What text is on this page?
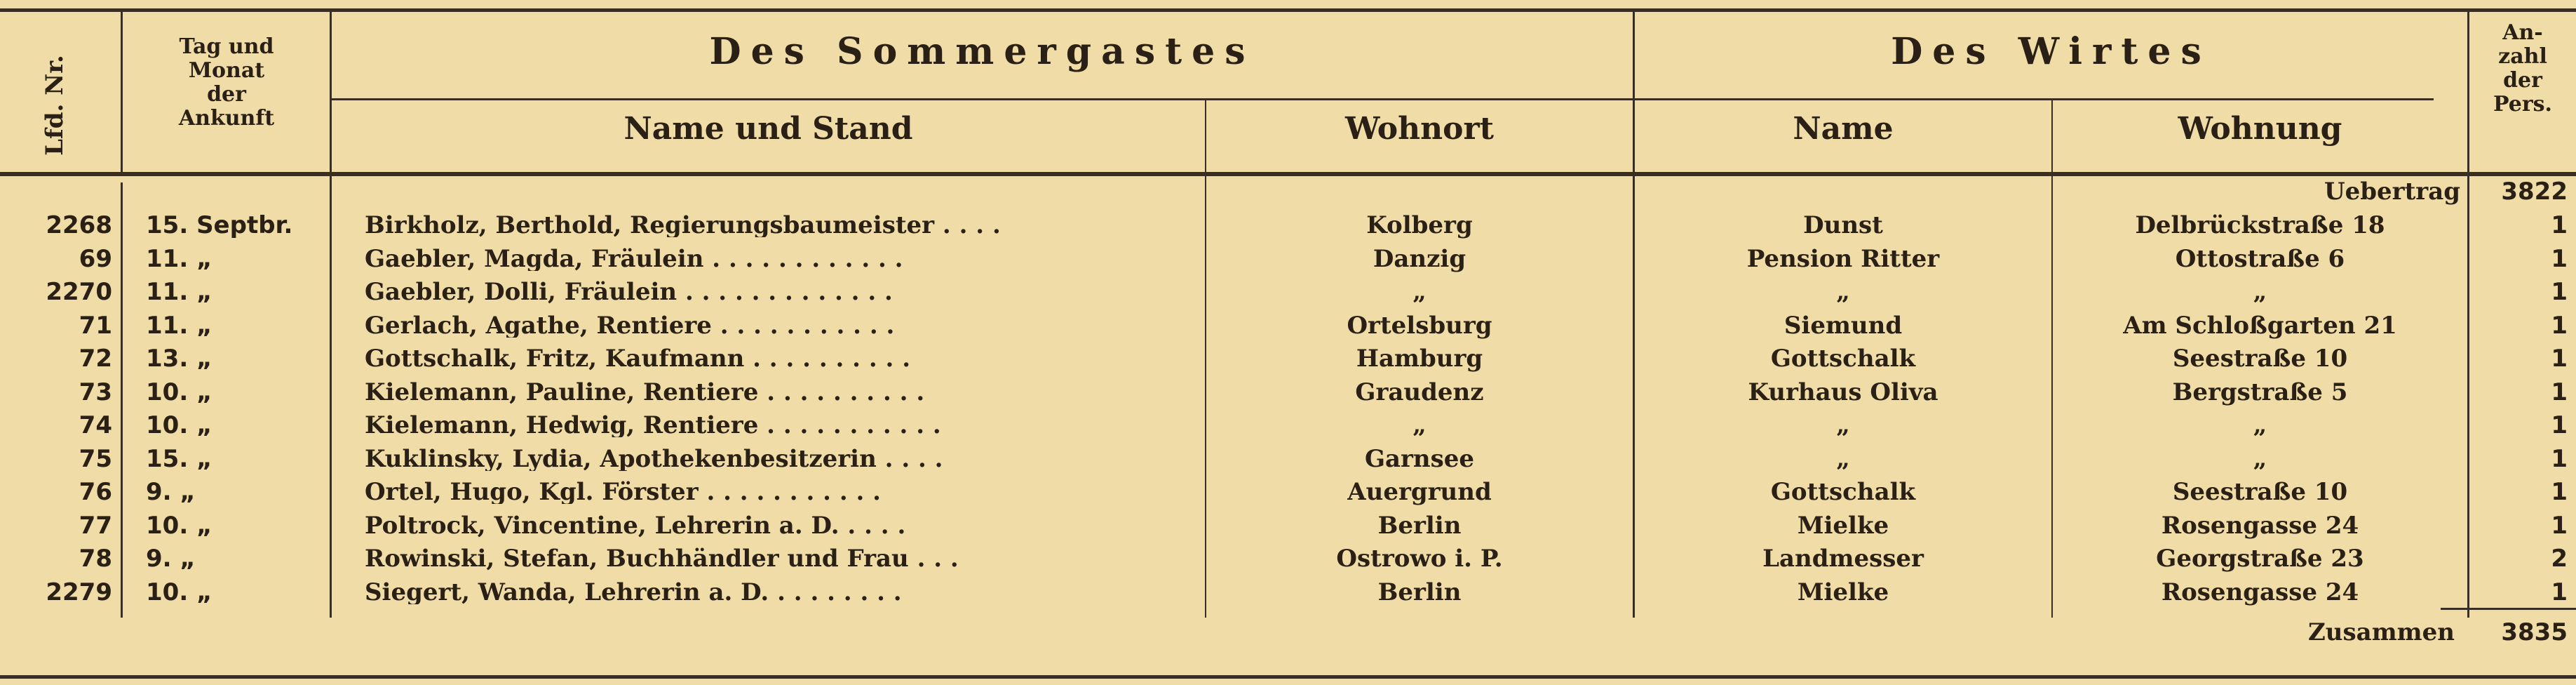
Lfd. Nr.
Tag und
Monat
der
Ankunft
Des Sommergastes
Name und Stand	Wohnort
Des Wirtes
Name	Wohnung
An-
zahl
der
Pers.
Uebertrag	3822
2268 15. Septbr.	Birkholz, Berthold, Regierungsbaumeister . . . .	Kolberg	Dunst	Delbrückstraße 18	1
69 11. „	Gaebler, Magda, Fräulein . . . . . . . . . . . .	Danzig	Pension Ritter	Ottostraße 6	1
2270 11. „	Gaebler, Dolli, Fräulein . . . . . . . . . . . . .	„	„	„	1
71 11. „	Gerlach, Agathe, Rentiere . . . . . . . . . . .	Ortelsburg	Siemund	Am Schloßgarten 21	1
72 13. „	Gottschalk, Fritz, Kaufmann . . . . . . . . . .	Hamburg	Gottschalk	Seestraße 10	1
73 10. „	Kielemann, Pauline, Rentiere . . . . . . . . . .	Graudenz	Kurhaus Oliva	Bergstraße 5	1
74 10. „	Kielemann, Hedwig, Rentiere . . . . . . . . . . .	„	„	„	1
75 15. „	Kuklinsky, Lydia, Apothekenbesitzerin . . . .	Garnsee	„	„	1
76 9. „	Ortel, Hugo, Kgl. Förster . . . . . . . . . . .	Auergrund	Gottschalk	Seestraße 10	1
77 10. „	Poltrock, Vincentine, Lehrerin a. D. . . . .	Berlin	Mielke	Rosengasse 24	1
78 9. „	Rowinski, Stefan, Buchhändler und Frau . . .	Ostrowo i. P.	Landmesser	Georgstraße 23	2
2279 10. „	Siegert, Wanda, Lehrerin a. D. . . . . . . . .	Berlin	Mielke	Rosengasse 24	1
Zusammen	3835
